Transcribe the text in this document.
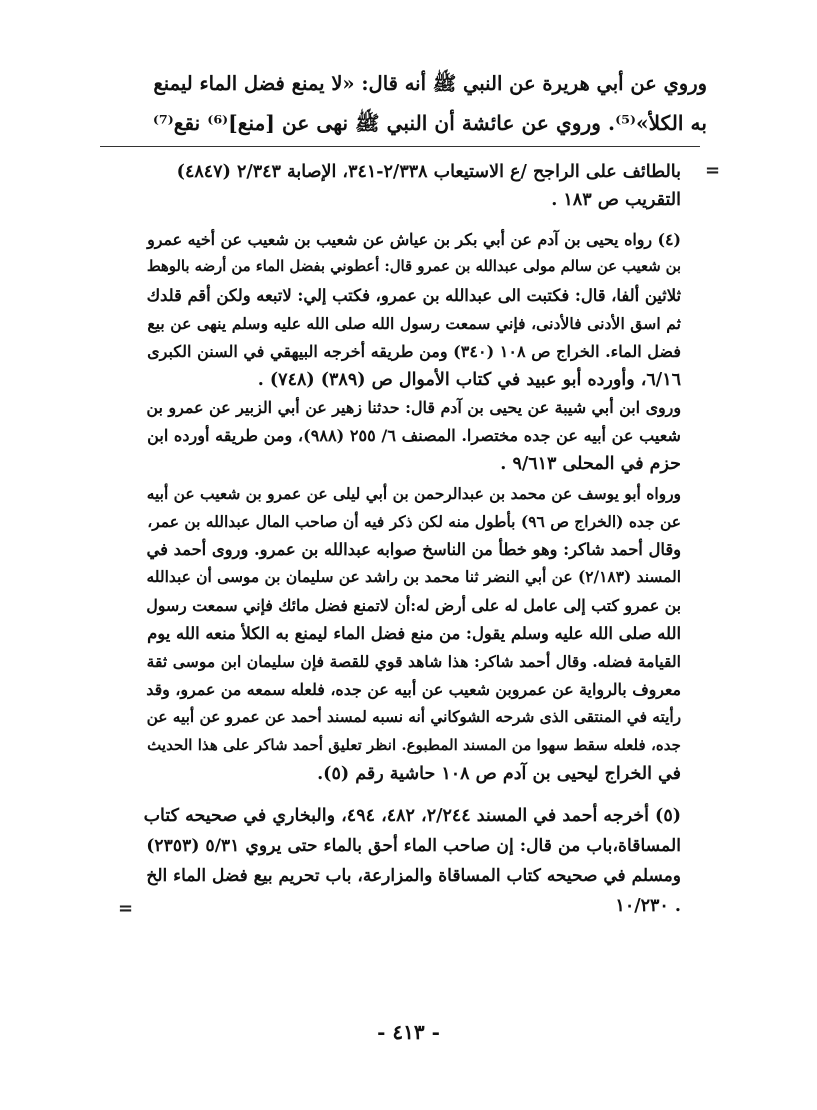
وروي عن أبي هريرة عن النبي ﷺ أنه قال: «لا يمنع فضل الماء ليمنع
به الكلأ»⁽⁵⁾. وروي عن عائشة أن النبي ﷺ نهى عن [منع]⁽⁶⁾ نقع⁽⁷⁾
=
بالطائف على الراجح /ع الاستيعاب ٢/٣٣٨-٣٤١، الإصابة ٢/٣٤٣ (٤٨٤٧)
التقريب ص ١٨٣ .
(٤) رواه يحيى بن آدم عن أبي بكر بن عياش عن شعيب بن شعيب عن أخيه عمرو
بن شعيب عن سالم مولى عبدالله بن عمرو قال: أعطوني بفضل الماء من أرضه بالوهط
ثلاثين ألفا، قال: فكتبت الى عبدالله بن عمرو، فكتب إلي: لاتبعه ولكن أقم قلدك
ثم اسق الأدنى فالأدنى، فإني سمعت رسول الله صلى الله عليه وسلم ينهى عن بيع
فضل الماء. الخراج ص ١٠٨ (٣٤٠) ومن طريقه أخرجه البيهقي في السنن الكبرى
٦/١٦، وأورده أبو عبيد في كتاب الأموال ص (٣٨٩) (٧٤٨) .
وروى ابن أبي شيبة عن يحيى بن آدم قال: حدثنا زهير عن أبي الزبير عن عمرو بن
شعيب عن أبيه عن جده مختصرا. المصنف ٦/ ٢٥٥ (٩٨٨)، ومن طريقه أورده ابن
حزم في المحلى ٩/٦١٣ .
ورواه أبو يوسف عن محمد بن عبدالرحمن بن أبي ليلى عن عمرو بن شعيب عن أبيه
عن جده (الخراج ص ٩٦) بأطول منه لكن ذكر فيه أن صاحب المال عبدالله بن عمر،
وقال أحمد شاكر: وهو خطأ من الناسخ صوابه عبدالله بن عمرو. وروى أحمد في
المسند (٢/١٨٣) عن أبي النضر ثنا محمد بن راشد عن سليمان بن موسى أن عبدالله
بن عمرو كتب إلى عامل له على أرض له:أن لاتمنع فضل مائك فإني سمعت رسول
الله صلى الله عليه وسلم يقول: من منع فضل الماء ليمنع به الكلأ منعه الله يوم
القيامة فضله. وقال أحمد شاكر: هذا شاهد قوي للقصة فإن سليمان ابن موسى ثقة
معروف بالرواية عن عمروبن شعيب عن أبيه عن جده، فلعله سمعه من عمرو، وقد
رأيته في المنتقى الذى شرحه الشوكاني أنه نسبه لمسند أحمد عن عمرو عن أبيه عن
جده، فلعله سقط سهوا من المسند المطبوع. انظر تعليق أحمد شاكر على هذا الحديث
في الخراج ليحيى بن آدم ص ١٠٨ حاشية رقم (٥).
(٥) أخرجه أحمد في المسند ٢/٢٤٤، ٤٨٢، ٤٩٤، والبخاري في صحيحه كتاب
المساقاة،باب من قال: إن صاحب الماء أحق بالماء حتى يروي ٥/٣١ (٢٣٥٣)
ومسلم في صحيحه كتاب المساقاة والمزارعة، باب تحريم بيع فضل الماء الخ
١٠/٢٣٠ .
=
- ٤١٣ -
